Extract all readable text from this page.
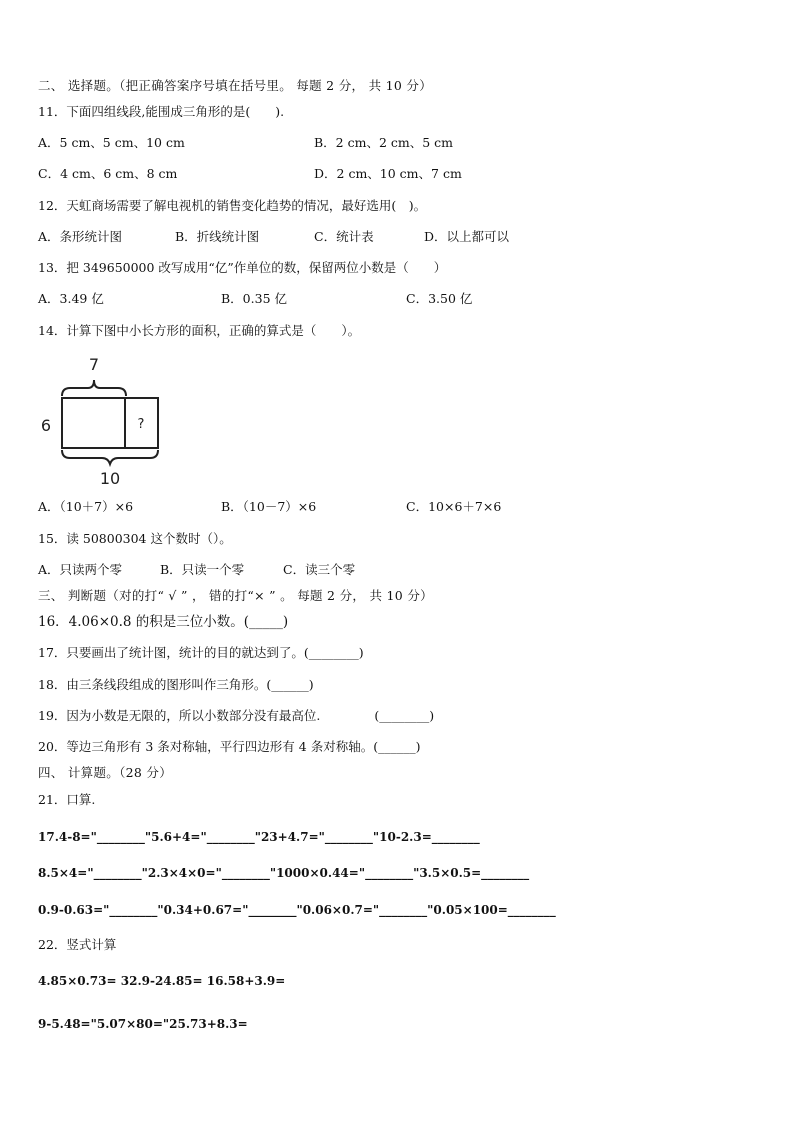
二、 选择题。（把正确答案序号填在括号里。 每题 2 分， 共 10 分）
11．下面四组线段,能围成三角形的是(　　).
A．5 cm、5 cm、10 cm	B．2 cm、2 cm、5 cm
C．4 cm、6 cm、8 cm	D．2 cm、10 cm、7 cm
12．天虹商场需要了解电视机的销售变化趋势的情况，最好选用(　)。
A．条形统计图	B．折线统计图	C．统计表	D．以上都可以
13．把 349650000 改写成用“亿”作单位的数，保留两位小数是（　　）
A．3.49 亿	B．0.35 亿	C．3.50 亿
14．计算下图中小长方形的面积，正确的算式是（　　）。
7
?
6
10
A．（10＋7）×6	B．（10－7）×6	C．10×6＋7×6
15．读 50800304 这个数时（）。
A．只读两个零	B．只读一个零	C．读三个零
三、 判断题（对的打“ √ ” ， 错的打“× ” 。 每题 2 分， 共 10 分）
16．4.06×0.8 的积是三位小数。(_____)
17．只要画出了统计图，统计的目的就达到了。(________)
18．由三条线段组成的图形叫作三角形。(______)
19．因为小数是无限的，所以小数部分没有最高位.　　　　 (________)
20．等边三角形有 3 条对称轴，平行四边形有 4 条对称轴。(______)
四、 计算题。（28 分）
21．口算.
17.4-8="________"5.6+4="________"23+4.7="________"10-2.3=________
8.5×4="________"2.3×4×0="________"1000×0.44="________"3.5×0.5=________
0.9-0.63="________"0.34+0.67="________"0.06×0.7="________"0.05×100=________
22．竖式计算
4.85×0.73= 32.9-24.85= 16.58+3.9=
9-5.48="5.07×80="25.73+8.3=
